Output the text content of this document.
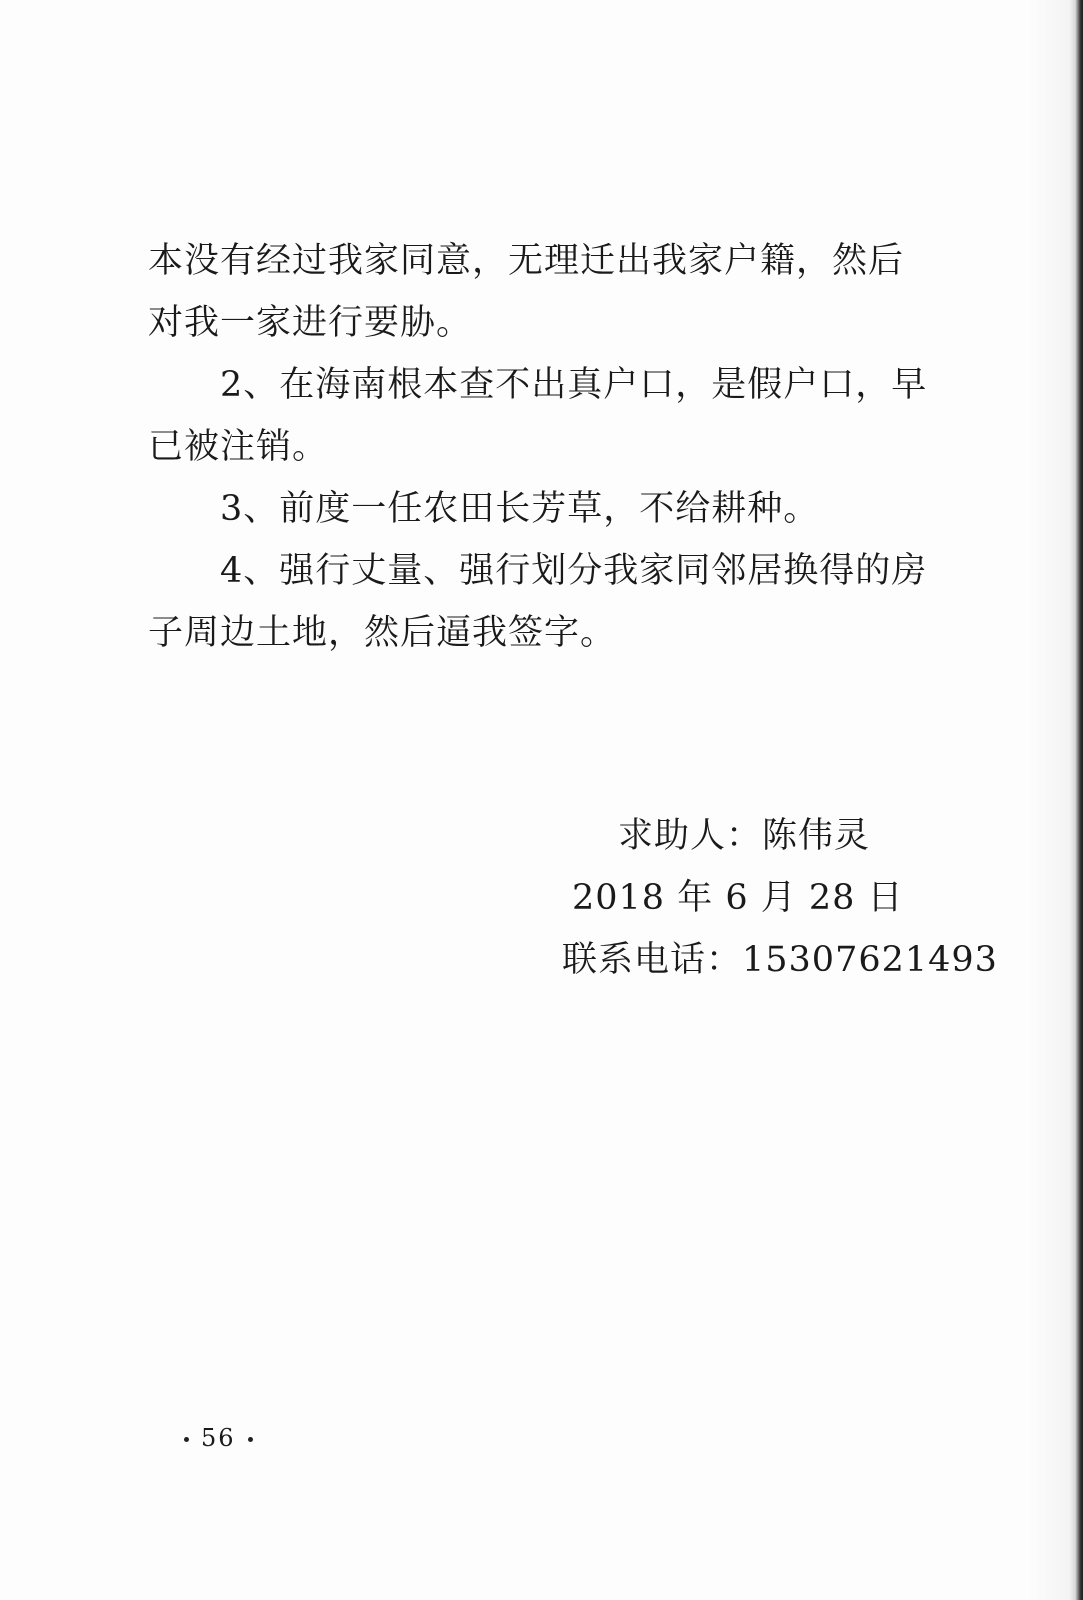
本没有经过我家同意，无理迁出我家户籍，然后对我一家进行要胁。

2、在海南根本查不出真户口，是假户口，早已被注销。

3、前度一任农田长芳草，不给耕种。

4、强行丈量、强行划分我家同邻居换得的房子周边土地，然后逼我签字。

求助人：陈伟灵
2018 年 6 月 28 日
联系电话：15307621493
56
